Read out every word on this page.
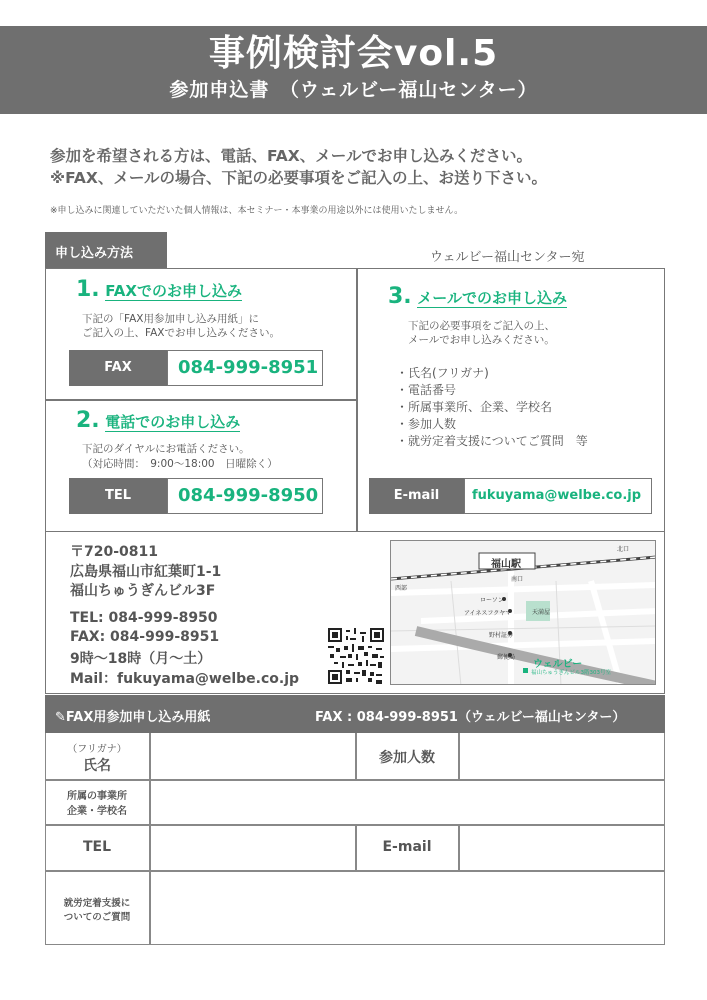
事例検討会vol.5
参加申込書　（ウェルビー福山センター）
参加を希望される方は、電話、FAX、メールでお申し込みください。
※FAX、メールの場合、下記の必要事項をご記入の上、お送り下さい。
※申し込みに関連していただいた個人情報は、本セミナー・本事業の用途以外には使用いたしません。
申し込み方法	ウェルビー福山センター宛
1. FAXでのお申し込み
下記の「FAX用参加申し込み用紙」に
ご記入の上、FAXでお申し込みください。
FAX	084-999-8951
2. 電話でのお申し込み
下記のダイヤルにお電話ください。
（対応時間：　9:00～18:00　日曜除く）
TEL	084-999-8950
3. メールでのお申し込み
下記の必要事項をご記入の上、
メールでお申し込みください。
・氏名(フリガナ)
・電話番号
・所属事業所、企業、学校名
・参加人数
・就労定着支援についてご質問　等
E-mail	fukuyama@welbe.co.jp
〒720-0811
広島県福山市紅葉町1-1
福山ちゅうぎんビル3F
TEL: 084-999-8950
FAX: 084-999-8951
9時～18時（月～土）
Mail：fukuyama@welbe.co.jp
福山駅
南口
北口
西部
ローソン
アイネスフクヤマ	天満屋
野村証券
郵便局
ウェルビー
福山ちゅうぎんビル3階303号室
✎FAX用参加申し込み用紙	FAX : 084-999-8951（ウェルビー福山センター）
（フリガナ）
氏名	参加人数
所属の事業所
企業・学校名
TEL	E-mail
就労定着支援に
ついてのご質問
